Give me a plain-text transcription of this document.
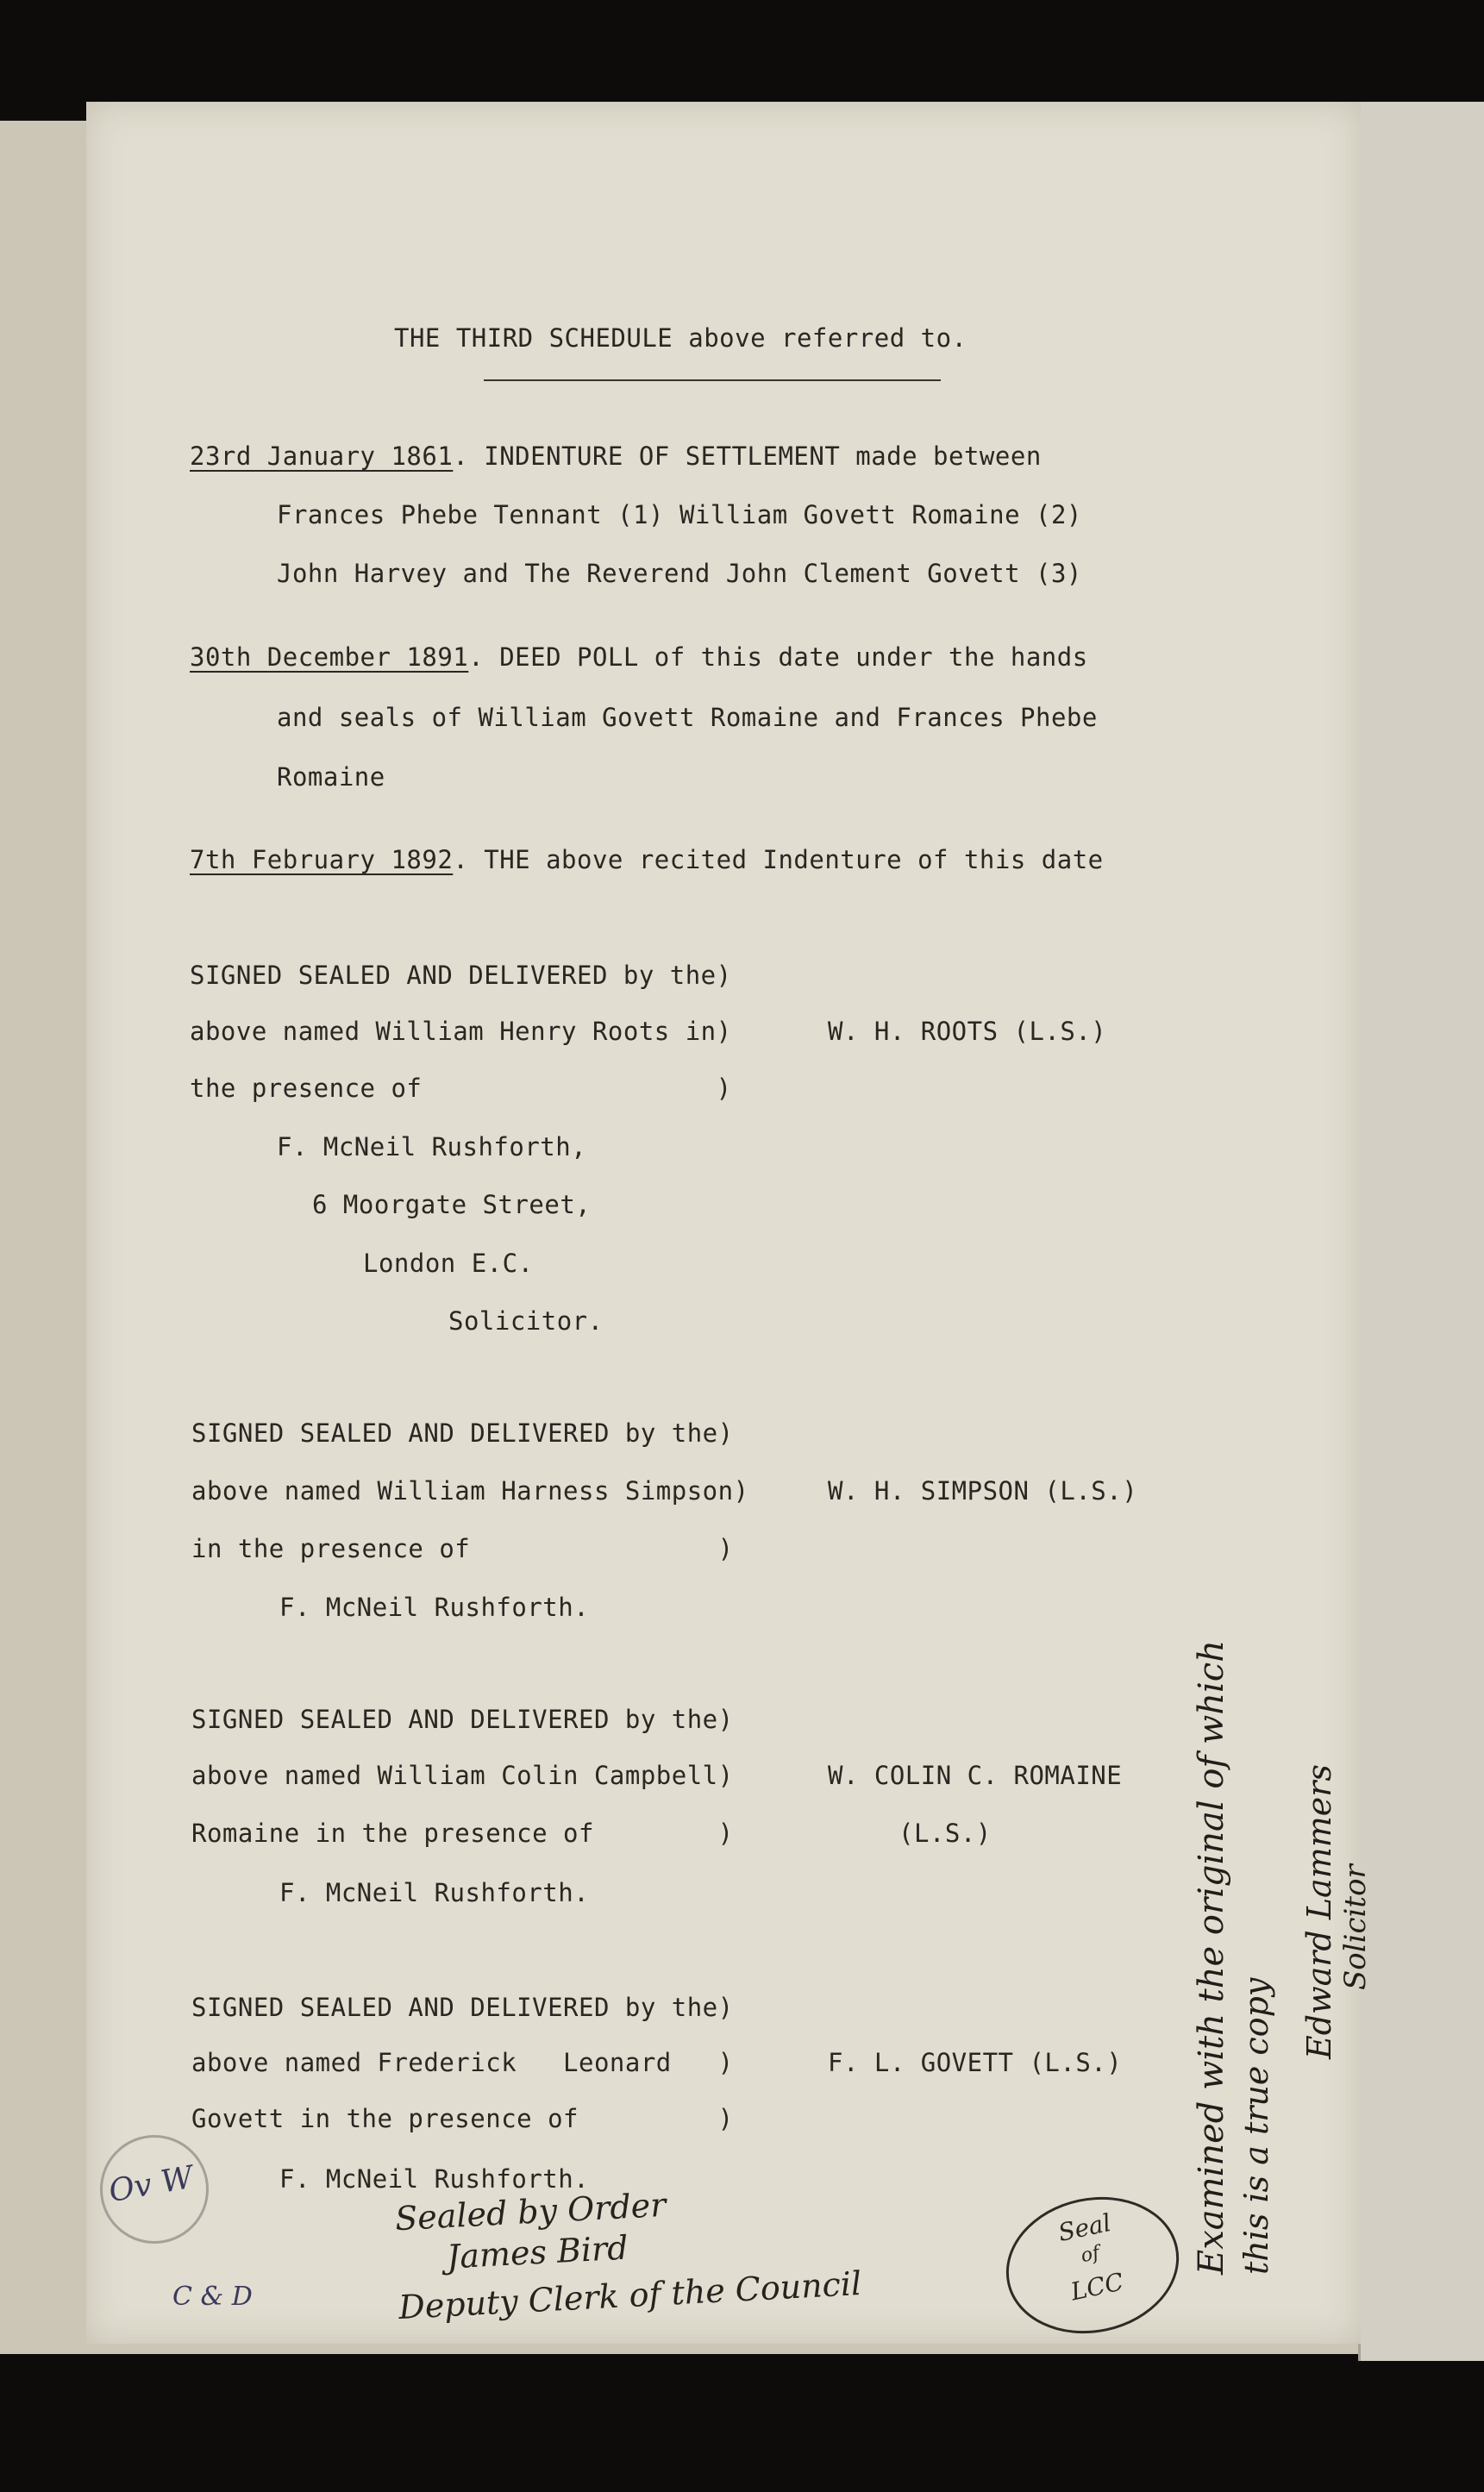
THE THIRD SCHEDULE above referred to.
23rd January 1861. INDENTURE OF SETTLEMENT made between
Frances Phebe Tennant (1) William Govett Romaine (2)
John Harvey and The Reverend John Clement Govett (3)
30th December 1891. DEED POLL of this date under the hands
and seals of William Govett Romaine and Frances Phebe
Romaine
7th February 1892. THE above recited Indenture of this date
SIGNED SEALED AND DELIVERED by the)
above named William Henry Roots in)
the presence of                   )
W. H. ROOTS (L.S.)
F. McNeil Rushforth,
6 Moorgate Street,
London E.C.
Solicitor.
SIGNED SEALED AND DELIVERED by the)
above named William Harness Simpson)
in the presence of                )
W. H. SIMPSON (L.S.)
F. McNeil Rushforth.
SIGNED SEALED AND DELIVERED by the)
above named William Colin Campbell)
Romaine in the presence of        )
W. COLIN C. ROMAINE
(L.S.)
F. McNeil Rushforth.
SIGNED SEALED AND DELIVERED by the)
above named Frederick   Leonard   )
Govett in the presence of         )
F. L. GOVETT (L.S.)
F. McNeil Rushforth.
Sealed by Order
James Bird
Deputy Clerk of the Council
Seal
of
LCC
Ov W
C & D
Examined with the original of which this is a true copy
Edward Lammers Solicitor
